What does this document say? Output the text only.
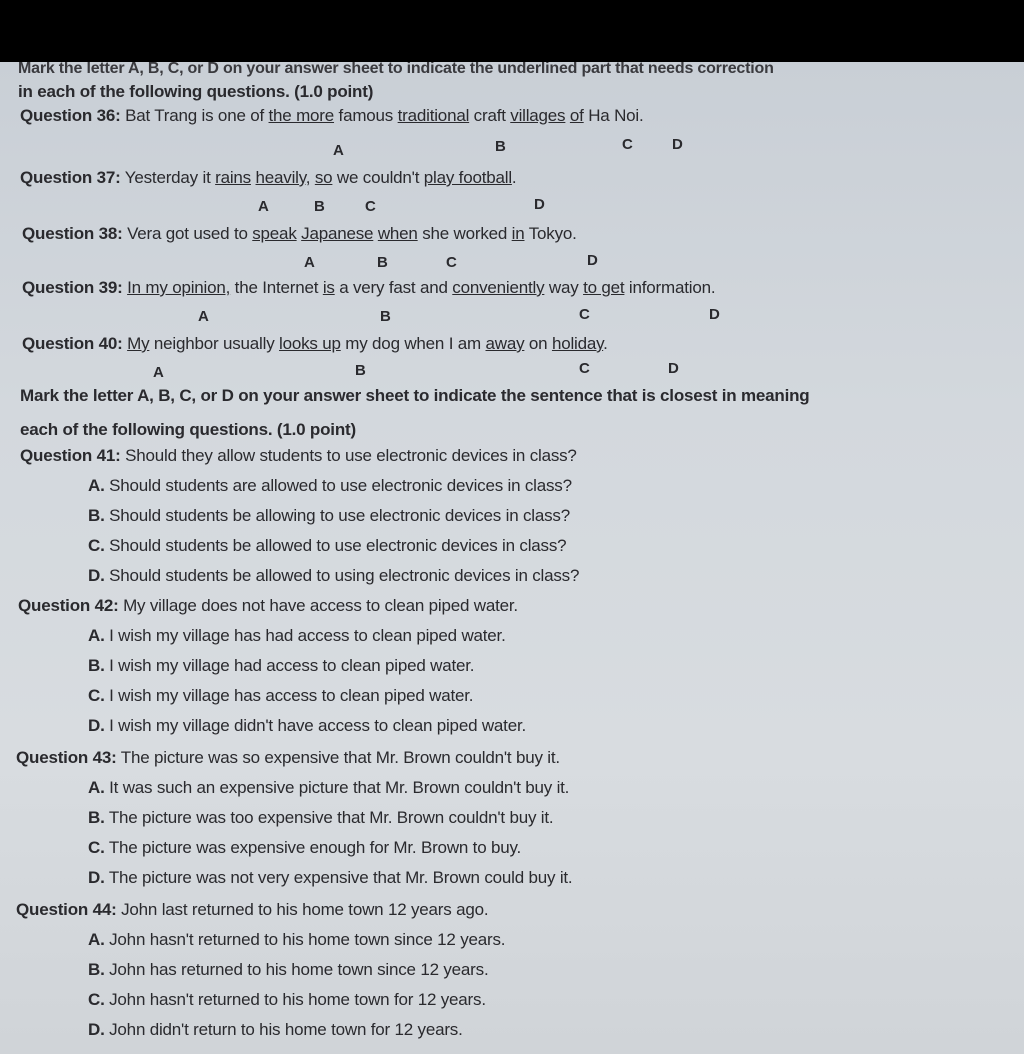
Mark the letter A, B, C, or D on your answer sheet to indicate the underlined part that needs correction
in each of the following questions. (1.0 point)
Question 36: Bat Trang is one of the more famous traditional craft villages of Ha Noi.
A	B	C	D
Question 37: Yesterday it rains heavily, so we couldn't play football.
A	B	C	D
Question 38: Vera got used to speak Japanese when she worked in Tokyo.
A	B	C	D
Question 39: In my opinion, the Internet is a very fast and conveniently way to get information.
A	B	C	D
Question 40: My neighbor usually looks up my dog when I am away on holiday.
A	B	C	D
Mark the letter A, B, C, or D on your answer sheet to indicate the sentence that is closest in meaning
each of the following questions. (1.0 point)
Question 41: Should they allow students to use electronic devices in class?
A. Should students are allowed to use electronic devices in class?
B. Should students be allowing to use electronic devices in class?
C. Should students be allowed to use electronic devices in class?
D. Should students be allowed to using electronic devices in class?
Question 42: My village does not have access to clean piped water.
A. I wish my village has had access to clean piped water.
B. I wish my village had access to clean piped water.
C. I wish my village has access to clean piped water.
D. I wish my village didn't have access to clean piped water.
Question 43: The picture was so expensive that Mr. Brown couldn't buy it.
A. It was such an expensive picture that Mr. Brown couldn't buy it.
B. The picture was too expensive that Mr. Brown couldn't buy it.
C. The picture was expensive enough for Mr. Brown to buy.
D. The picture was not very expensive that Mr. Brown could buy it.
Question 44: John last returned to his home town 12 years ago.
A. John hasn't returned to his home town since 12 years.
B. John has returned to his home town since 12 years.
C. John hasn't returned to his home town for 12 years.
D. John didn't return to his home town for 12 years.
